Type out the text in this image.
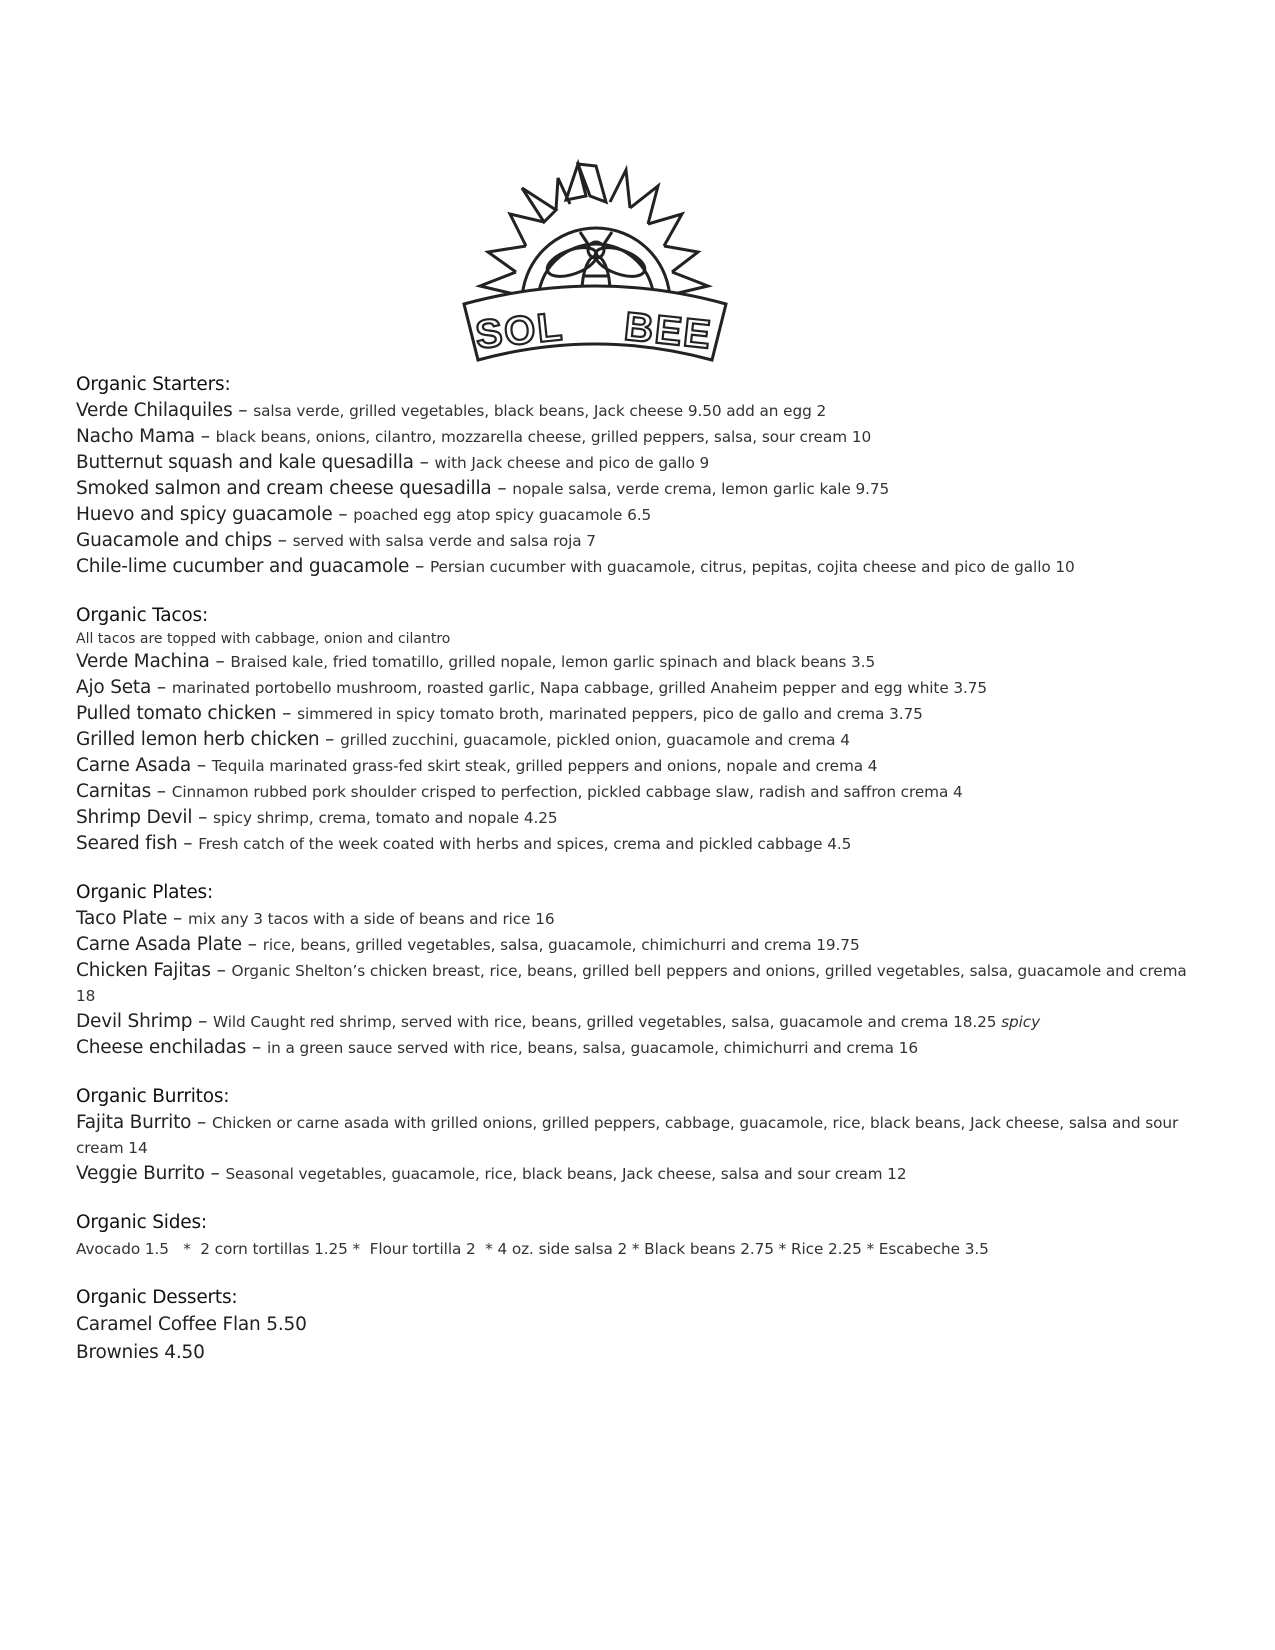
SOL BEE
Organic Starters:
Verde Chilaquiles – salsa verde, grilled vegetables, black beans, Jack cheese 9.50 add an egg 2
Nacho Mama – black beans, onions, cilantro, mozzarella cheese, grilled peppers, salsa, sour cream 10
Butternut squash and kale quesadilla – with Jack cheese and pico de gallo 9
Smoked salmon and cream cheese quesadilla – nopale salsa, verde crema, lemon garlic kale 9.75
Huevo and spicy guacamole – poached egg atop spicy guacamole 6.5
Guacamole and chips – served with salsa verde and salsa roja 7
Chile-lime cucumber and guacamole – Persian cucumber with guacamole, citrus, pepitas, cojita cheese and pico de gallo 10
Organic Tacos:
All tacos are topped with cabbage, onion and cilantro
Verde Machina – Braised kale, fried tomatillo, grilled nopale, lemon garlic spinach and black beans 3.5
Ajo Seta – marinated portobello mushroom, roasted garlic, Napa cabbage, grilled Anaheim pepper and egg white 3.75
Pulled tomato chicken – simmered in spicy tomato broth, marinated peppers, pico de gallo and crema 3.75
Grilled lemon herb chicken – grilled zucchini, guacamole, pickled onion, guacamole and crema 4
Carne Asada – Tequila marinated grass-fed skirt steak, grilled peppers and onions, nopale and crema 4
Carnitas – Cinnamon rubbed pork shoulder crisped to perfection, pickled cabbage slaw, radish and saffron crema 4
Shrimp Devil – spicy shrimp, crema, tomato and nopale 4.25
Seared fish – Fresh catch of the week coated with herbs and spices, crema and pickled cabbage 4.5
Organic Plates:
Taco Plate – mix any 3 tacos with a side of beans and rice 16
Carne Asada Plate – rice, beans, grilled vegetables, salsa, guacamole, chimichurri and crema 19.75
Chicken Fajitas – Organic Shelton’s chicken breast, rice, beans, grilled bell peppers and onions, grilled vegetables, salsa, guacamole and crema 18
Devil Shrimp – Wild Caught red shrimp, served with rice, beans, grilled vegetables, salsa, guacamole and crema 18.25 spicy
Cheese enchiladas – in a green sauce served with rice, beans, salsa, guacamole, chimichurri and crema 16
Organic Burritos:
Fajita Burrito – Chicken or carne asada with grilled onions, grilled peppers, cabbage, guacamole, rice, black beans, Jack cheese, salsa and sour cream 14
Veggie Burrito – Seasonal vegetables, guacamole, rice, black beans, Jack cheese, salsa and sour cream 12
Organic Sides:
Avocado 1.5   *  2 corn tortillas 1.25 *  Flour tortilla 2  * 4 oz. side salsa 2 * Black beans 2.75 * Rice 2.25 * Escabeche 3.5
Organic Desserts:
Caramel Coffee Flan 5.50
Brownies 4.50
